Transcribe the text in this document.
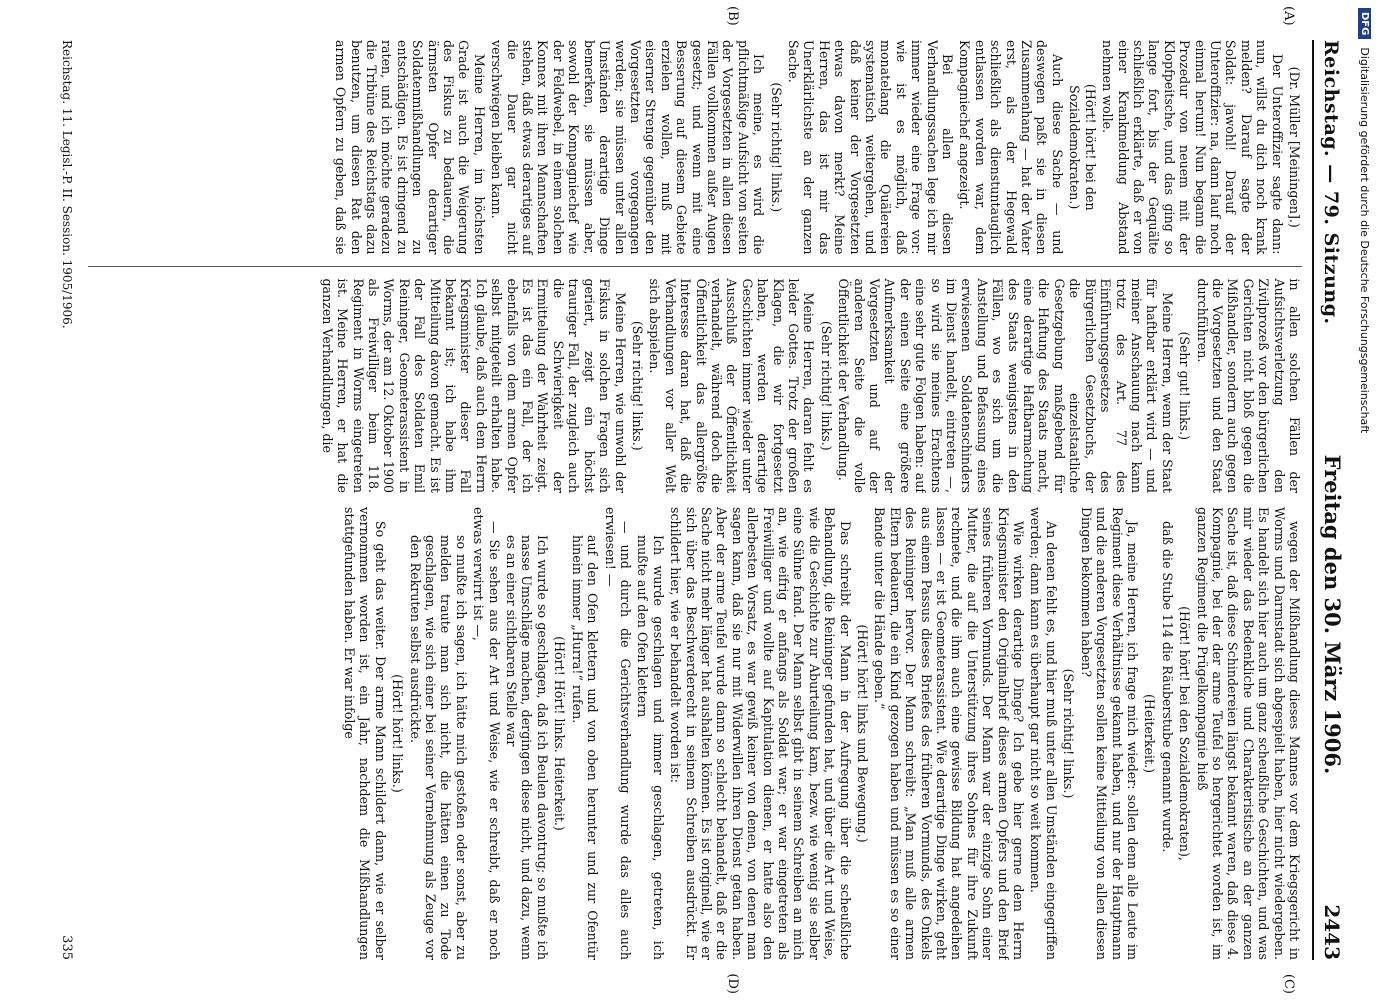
Reichstag. — 79. Sitzung.
Freitag den 30. März 1906.
2443
(A)
(B)
(C)
(D)

(Dr. Müller [Meiningen].)

Der Unteroffizier sagte dann: nun, willst du dich noch krank melden? Darauf sagte der Soldat: jawohl! Darauf der Unteroffizier: na, dann lauf noch einmal herum! Nun begann die Prozedur von neuem mit der Klopfpeitsche, und das ging so lange fort, bis der Gequälte schließlich erklärte, daß er von einer Krankmeldung Abstand nehmen wolle.

(Hört! hört! bei den Sozialdemokraten.)

Auch diese Sache — und deswegen paßt sie in diesen Zusammenhang — hat der Vater erst, als der Hegewald schließlich als dienstuntauglich entlassen worden war, dem Kompagniechef angezeigt.

Bei allen diesen Verhandlungssachen lege ich mir immer wieder eine Frage vor: wie ist es möglich, daß monatelang die Quälereien systematisch weitergehen, und daß keiner der Vorgesetzten etwas davon merkt? Meine Herren, das ist mir das Unerklärlichste an der ganzen Sache.

(Sehr richtig! links.)

Ich meine, es wird die pflichtmäßige Aufsicht von seiten der Vorgesetzten in allen diesen Fällen vollkommen außer Augen gesetzt; und wenn mit eine Besserung auf diesem Gebiete erzielen wollen, muß mit eiserner Strenge gegenüber den Vorgesetzten vorgegangen werden; sie müssen unter allen Umständen derartige Dinge bemerken, sie müssen aber, sowohl der Kompagniechef wie der Feldwebel, in einem solchen Konnex mit ihren Mannschaften stehen, daß etwas derartiges auf die Dauer gar nicht verschwiegen bleiben kann.

Meine Herren, im höchsten Grade ist auch die Weigerung des Fiskus zu bedauern, die ärmsten Opfer derartiger Soldatenmißhandlungen zu entschädigen. Es ist dringend zu raten, und ich möchte geradezu die Tribüne des Reichstags dazu benutzen, um diesen Rat den armen Opfern zu geben, daß sie in allen solchen Fällen der Aufsichtsverletzung den Zivilprozeß vor den bürgerlichen Gerichten nicht bloß gegen die Mißhandler, sondern auch gegen die Vorgesetzten und den Staat durchführen.

(Sehr gut! links.)

Meine Herren, wenn der Staat für haftbar erklärt wird — und meiner Anschauung nach kann trotz des Art. 77 des Einführungsgesetzes des Bürgerlichen Gesetzbuchs, der die einzelstaatliche Gesetzgebung maßgebend für die Haftung des Staats macht, eine derartige Haftbarmachung des Staats wenigstens in den Fällen, wo es sich um die Anstellung und Befassung eines erwiesenen Soldatenschinders im Dienst handelt, eintreten —, so wird sie meines Erachtens eine sehr gute Folgen haben: auf der einen Seite eine größere Aufmerksamkeit der Vorgesetzten und auf der anderen Seite die volle Öffentlichkeit der Verhandlung.

(Sehr richtig! links.)

Meine Herren, daran fehlt es leider Gottes. Trotz der großen Klagen, die wir fortgesetzt haben, werden derartige Geschichten immer wieder unter Ausschluß der Öffentlichkeit verhandelt, während doch die Öffentlichkeit das allergrößte Interesse daran hat, daß die Verhandlungen vor aller Welt sich abspielen.

(Sehr richtig! links.)

Meine Herren, wie unwohl der Fiskus in solchen Fragen sich geriert, zeigt ein höchst trauriger Fall, der zugleich auch die Schwierigkeit der Ermittelung der Wahrheit zeigt. Es ist das ein Fall, der ich ebenfalls von dem armen Opfer selbst mitgeteilt erhalten habe. Ich glaube, daß auch dem Herrn Kriegsminister dieser Fall bekannt ist; ich habe ihm Mitteilung davon gemacht. Es ist der Fall des Soldaten Emil Reininger, Geometerassistent in Worms, der am 12. Oktober 1900 als Freiwilliger beim 118. Regiment in Worms eingetreten ist. Meine Herren, er hat die ganzen Verhandlungen, die

wegen der Mißhandlung dieses Mannes vor dem Kriegsgericht in Worms und Darmstadt sich abgespielt haben, hier nicht wiedergeben. Es handelt sich hier auch um ganz scheußliche Geschichten, und was mir wieder das Bedenkliche und Charakteristische an der ganzen Sache ist, daß diese Schindereien längst bekannt waren, daß diese 4. Kompagnie, bei der der arme Teufel so hergerichtet worden ist, im ganzen Regiment die Prügelkompagnie hieß

(Hört! hört! bei den Sozialdemokraten),

daß die Stube 114 die Räuberstube genannt wurde.

(Heiterkeit.)

Ja, meine Herren, ich frage mich wieder: sollen denn alle Leute im Regiment diese Verhältnisse gekannt haben, und nur der Hauptmann und die anderen Vorgesetzten sollen keine Mitteilung von allen diesen Dingen bekommen haben?

(Sehr richtig! links.)

An denen fehlt es, und hier muß unter allen Umständen eingegriffen werden; dann kann es überhaupt gar nicht so weit kommen.

Wie wirken derartige Dinge? Ich gebe hier gerne dem Herrn Kriegsminister den Originalbrief dieses armen Opfers und den Brief seines früheren Vormunds. Der Mann war der einzige Sohn einer Mutter, die auf die Unterstützung ihres Sohnes für ihre Zukunft rechnete, und die ihm auch eine gewisse Bildung hat angedeihen lassen — er ist Geometerassistent. Wie derartige Dinge wirken, geht aus einem Passus dieses Briefes des früheren Vormunds, des Onkels des Reininger hervor. Der Mann schreibt: „Man muß alle armen Eltern bedauern, die ein Kind gezogen haben und müssen es so einer Bande unter die Hände geben.“

(Hört! hört! links und Bewegung.)

Das schreibt der Mann in der Aufregung über die scheußliche Behandlung, die Reininger gefunden hat, und über die Art und Weise, wie die Geschichte zur Aburteilung kam, bezw. wie wenig sie selber eine Sühne fand. Der Mann selbst gibt in seinem Schreiben an mich an, wie eifrig er anfangs als Soldat war; er war eingetreten als Freiwilliger und wollte auf Kapitulation dienen, er hatte also den allerbesten Vorsatz, es war gewiß keiner von denen, von denen man sagen kann, daß sie nur mit Widerwillen ihren Dienst getan haben. Aber der arme Teufel wurde dann so schlecht behandelt, daß er die Sache nicht mehr länger hat aushalten können. Es ist originell, wie er sich über das Beschwerderecht in seinem Schreiben ausdrückt. Er schildert hier, wie er behandelt worden ist:

Ich wurde geschlagen und immer geschlagen, getreten, ich mußte auf den Ofen klettern

— und durch die Gerichtsverhandlung wurde das alles auch erwiesen! —

auf den Ofen klettern und von oben herunter und zur Ofentür hinein immer „Hurra!“ rufen.

(Hört! Hört! links. Heiterkeit.)

Ich wurde so geschlagen, daß ich Beulen davontrug; so mußte ich nasse Umschläge machen, dergingen diese nicht, und dazu, wenn es an einer sichtbaren Stelle war

— Sie sehen aus der Art und Weise, wie er schreibt, daß er noch etwas verwirrt ist —,

so mußte ich sagen, ich hätte mich gestoßen oder sonst, aber zu melden traute man sich nicht, die hätten einen zu Tode geschlagen, wie sich einer bei seiner Vernehmung als Zeuge vor den Rekruten selbst ausdrückte.

(Hört! hört! links.)

So geht das weiter. Der arme Mann schildert dann, wie er selber vernommen worden ist, ein Jahr, nachdem die Mißhandlungen stattgefunden haben. Er war infolge

Reichstag. 11. Legisl.-P. II. Session. 1905/1906.
335
DFG
Digitalisierung gefördert durch die Deutsche Forschungsgemeinschaft
